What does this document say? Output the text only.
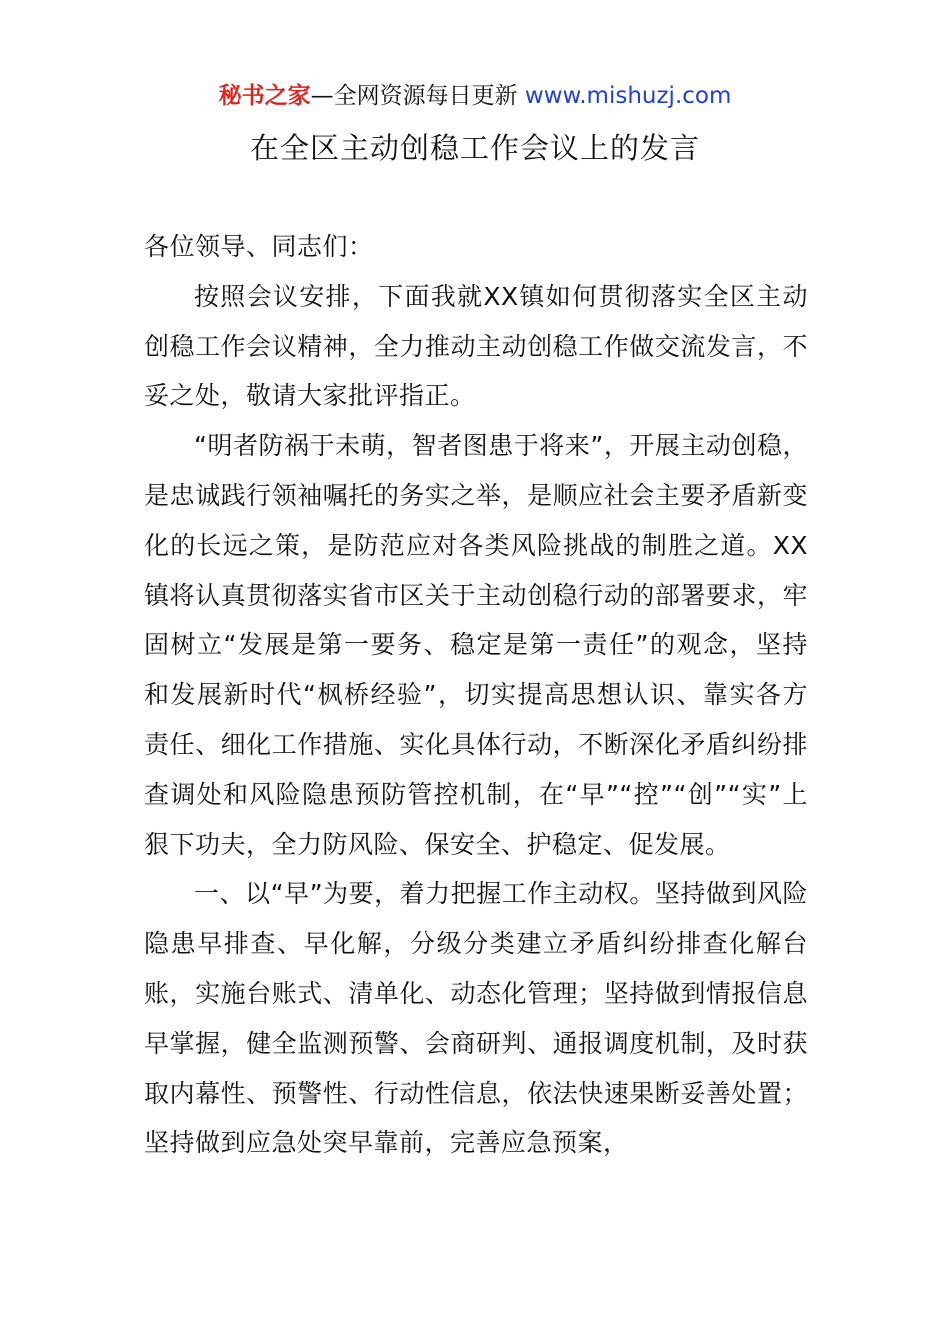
秘书之家—全网资源每日更新 www.mishuzj.com
在全区主动创稳工作会议上的发言

各位领导、同志们：

按照会议安排，下面我就XX镇如何贯彻落实全区主动创稳工作会议精神，全力推动主动创稳工作做交流发言，不妥之处，敬请大家批评指正。

“明者防祸于未萌，智者图患于将来”，开展主动创稳，是忠诚践行领袖嘱托的务实之举，是顺应社会主要矛盾新变化的长远之策，是防范应对各类风险挑战的制胜之道。XX镇将认真贯彻落实省市区关于主动创稳行动的部署要求，牢固树立“发展是第一要务、稳定是第一责任”的观念，坚持和发展新时代“枫桥经验”，切实提高思想认识、靠实各方责任、细化工作措施、实化具体行动，不断深化矛盾纠纷排查调处和风险隐患预防管控机制，在“早”“控”“创”“实”上狠下功夫，全力防风险、保安全、护稳定、促发展。

一、以“早”为要，着力把握工作主动权。坚持做到风险隐患早排查、早化解，分级分类建立矛盾纠纷排查化解台账，实施台账式、清单化、动态化管理；坚持做到情报信息早掌握，健全监测预警、会商研判、通报调度机制，及时获取内幕性、预警性、行动性信息，依法快速果断妥善处置；坚持做到应急处突早靠前，完善应急预案，
